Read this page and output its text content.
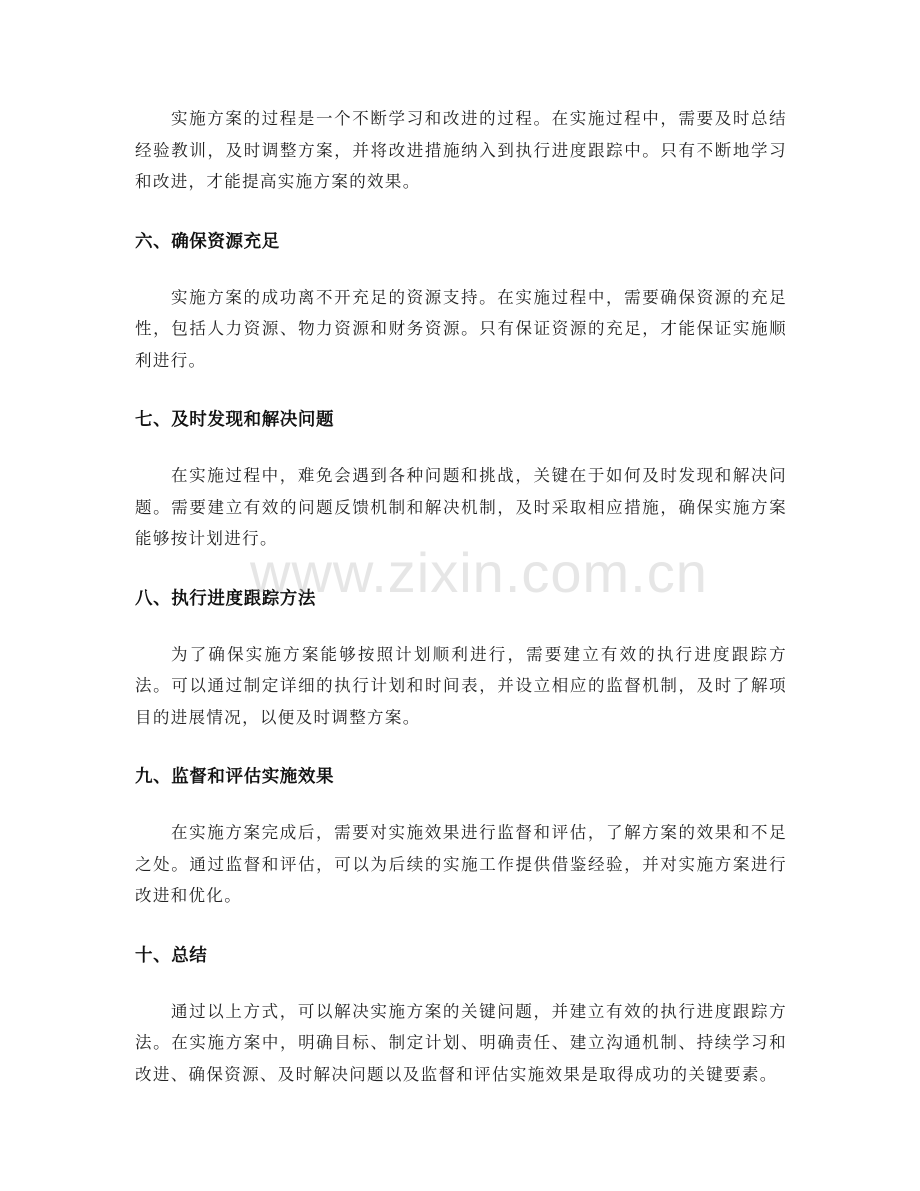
实施方案的过程是一个不断学习和改进的过程。在实施过程中，需要及时总结经验教训，及时调整方案，并将改进措施纳入到执行进度跟踪中。只有不断地学习和改进，才能提高实施方案的效果。

六、确保资源充足

实施方案的成功离不开充足的资源支持。在实施过程中，需要确保资源的充足性，包括人力资源、物力资源和财务资源。只有保证资源的充足，才能保证实施顺利进行。

七、及时发现和解决问题

在实施过程中，难免会遇到各种问题和挑战，关键在于如何及时发现和解决问题。需要建立有效的问题反馈机制和解决机制，及时采取相应措施，确保实施方案能够按计划进行。

八、执行进度跟踪方法

为了确保实施方案能够按照计划顺利进行，需要建立有效的执行进度跟踪方法。可以通过制定详细的执行计划和时间表，并设立相应的监督机制，及时了解项目的进展情况，以便及时调整方案。

九、监督和评估实施效果

在实施方案完成后，需要对实施效果进行监督和评估，了解方案的效果和不足之处。通过监督和评估，可以为后续的实施工作提供借鉴经验，并对实施方案进行改进和优化。

十、总结

通过以上方式，可以解决实施方案的关键问题，并建立有效的执行进度跟踪方法。在实施方案中，明确目标、制定计划、明确责任、建立沟通机制、持续学习和改进、确保资源、及时解决问题以及监督和评估实施效果是取得成功的关键要素。

www.zixin.com.cn
